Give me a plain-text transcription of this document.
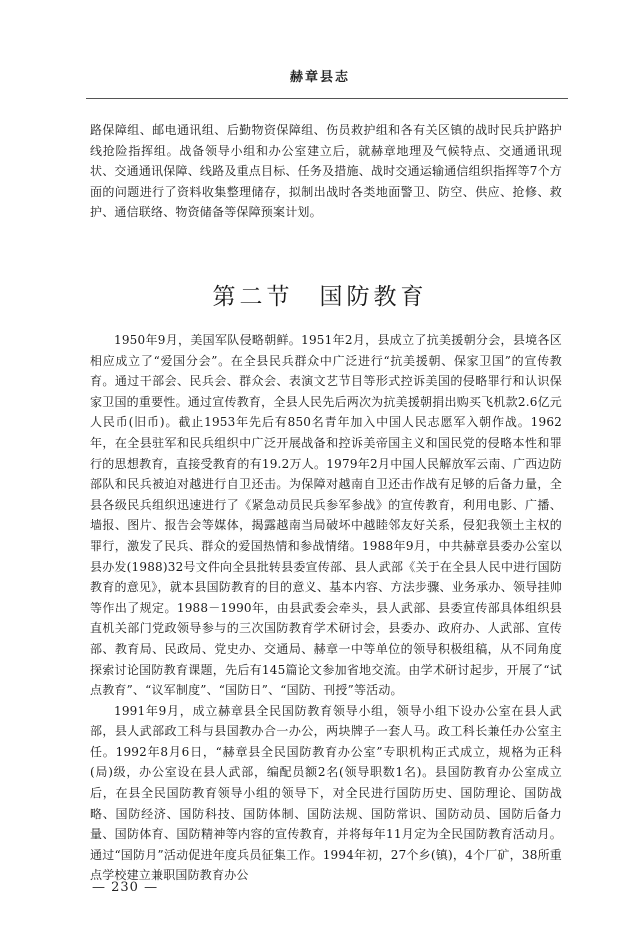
赫章县志
路保障组、邮电通讯组、后勤物资保障组、伤员救护组和各有关区镇的战时民兵护路护线抢险指挥组。战备领导小组和办公室建立后，就赫章地理及气候特点、交通通讯现状、交通通讯保障、线路及重点目标、任务及措施、战时交通运输通信组织指挥等7个方面的问题进行了资料收集整理储存，拟制出战时各类地面警卫、防空、供应、抢修、救护、通信联络、物资储备等保障预案计划。
第二节 国防教育

1950年9月，美国军队侵略朝鲜。1951年2月，县成立了抗美援朝分会，县境各区相应成立了“爱国分会”。在全县民兵群众中广泛进行“抗美援朝、保家卫国”的宣传教育。通过干部会、民兵会、群众会、表演文艺节目等形式控诉美国的侵略罪行和认识保家卫国的重要性。通过宣传教育，全县人民先后两次为抗美援朝捐出购买飞机款2.6亿元人民币(旧币)。截止1953年先后有850名青年加入中国人民志愿军入朝作战。1962年，在全县驻军和民兵组织中广泛开展战备和控诉美帝国主义和国民党的侵略本性和罪行的思想教育，直接受教育的有19.2万人。1979年2月中国人民解放军云南、广西边防部队和民兵被迫对越进行自卫还击。为保障对越南自卫还击作战有足够的后备力量，全县各级民兵组织迅速进行了《紧急动员民兵参军参战》的宣传教育，利用电影、广播、墙报、图片、报告会等媒体，揭露越南当局破坏中越睦邻友好关系，侵犯我领土主权的罪行，激发了民兵、群众的爱国热情和参战情绪。1988年9月，中共赫章县委办公室以县办发(1988)32号文件向全县批转县委宣传部、县人武部《关于在全县人民中进行国防教育的意见》，就本县国防教育的目的意义、基本内容、方法步骤、业务承办、领导挂帅等作出了规定。1988－1990年，由县武委会牵头，县人武部、县委宣传部具体组织县直机关部门党政领导参与的三次国防教育学术研讨会，县委办、政府办、人武部、宣传部、教育局、民政局、党史办、交通局、赫章一中等单位的领导积极组稿，从不同角度探索讨论国防教育课题，先后有145篇论文参加省地交流。由学术研讨起步，开展了“试点教育”、“议军制度”、“国防日”、“国防、刊授”等活动。

1991年9月，成立赫章县全民国防教育领导小组，领导小组下设办公室在县人武部，县人武部政工科与县国教办合一办公，两块牌子一套人马。政工科长兼任办公室主任。1992年8月6日，“赫章县全民国防教育办公室”专职机构正式成立，规格为正科(局)级，办公室设在县人武部，编配员额2名(领导职数1名)。县国防教育办公室成立后，在县全民国防教育领导小组的领导下，对全民进行国防历史、国防理论、国防战略、国防经济、国防科技、国防体制、国防法规、国防常识、国防动员、国防后备力量、国防体育、国防精神等内容的宣传教育，并将每年11月定为全民国防教育活动月。通过“国防月”活动促进年度兵员征集工作。1994年初，27个乡(镇)，4个厂矿，38所重点学校建立兼职国防教育办公

— 230 —
